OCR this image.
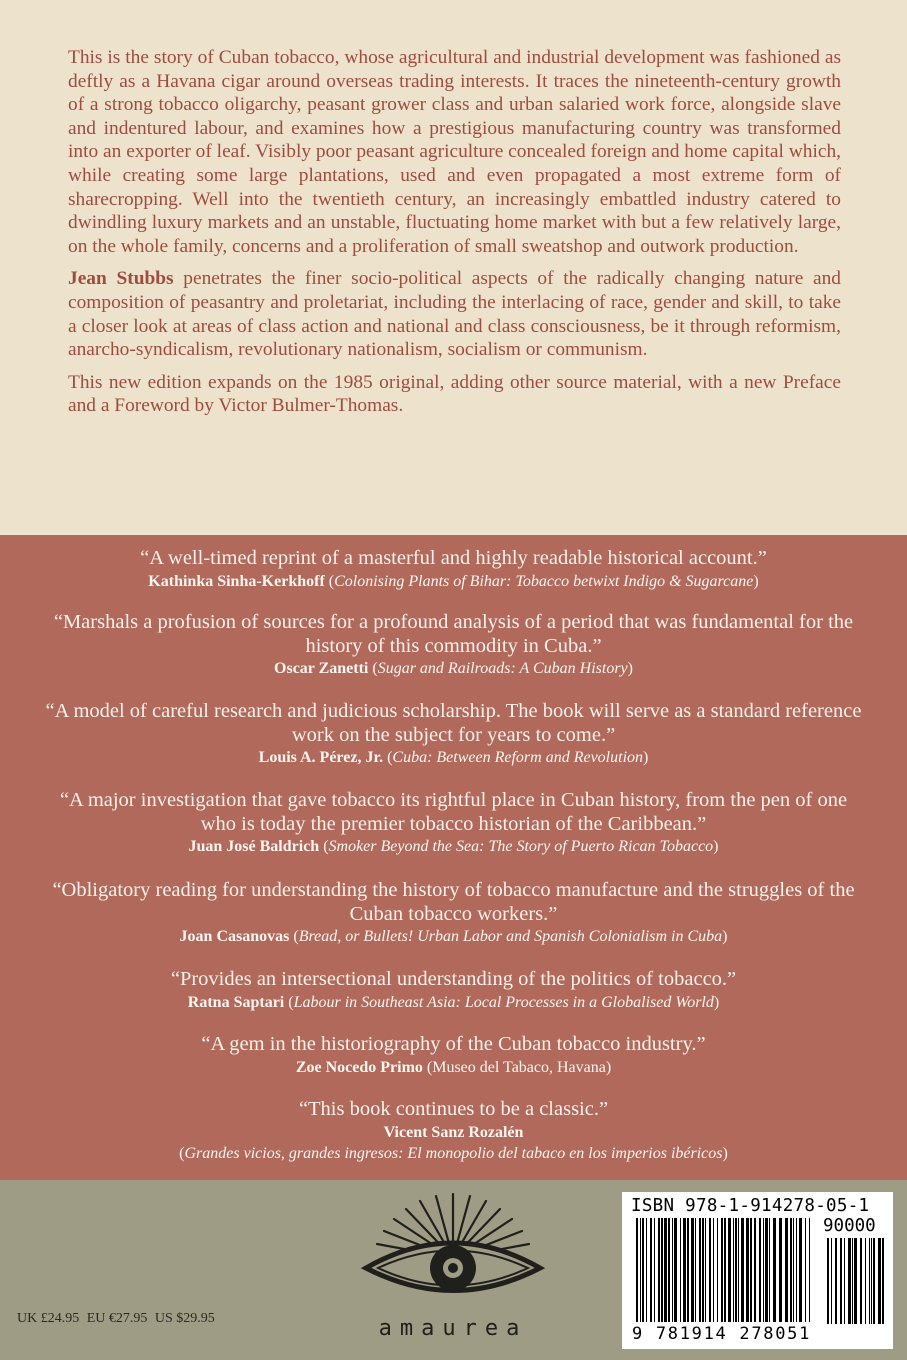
This is the story of Cuban tobacco, whose agricultural and industrial development was fashioned as deftly as a Havana cigar around overseas trading interests. It traces the nineteenth-century growth of a strong tobacco oligarchy, peasant grower class and urban salaried work force, alongside slave and indentured labour, and examines how a prestigious manufacturing country was transformed into an exporter of leaf. Visibly poor peasant agriculture concealed foreign and home capital which, while creating some large plantations, used and even propagated a most extreme form of sharecropping. Well into the twentieth century, an increasingly embattled industry catered to dwindling luxury markets and an unstable, fluctuating home market with but a few relatively large, on the whole family, concerns and a proliferation of small sweatshop and outwork production.

Jean Stubbs penetrates the finer socio-political aspects of the radically changing nature and composition of peasantry and proletariat, including the interlacing of race, gender and skill, to take a closer look at areas of class action and national and class consciousness, be it through reformism, anarcho-syndicalism, revolutionary nationalism, socialism or communism.

This new edition expands on the 1985 original, adding other source material, with a new Preface and a Foreword by Victor Bulmer-Thomas.

“A well-timed reprint of a masterful and highly readable historical account.”
Kathinka Sinha-Kerkhoff (Colonising Plants of Bihar: Tobacco betwixt Indigo & Sugarcane)
“Marshals a profusion of sources for a profound analysis of a period that was fundamental for the history of this commodity in Cuba.”
Oscar Zanetti (Sugar and Railroads: A Cuban History)
“A model of careful research and judicious scholarship. The book will serve as a standard reference work on the subject for years to come.”
Louis A. Pérez, Jr. (Cuba: Between Reform and Revolution)
“A major investigation that gave tobacco its rightful place in Cuban history, from the pen of one who is today the premier tobacco historian of the Caribbean.”
Juan José Baldrich (Smoker Beyond the Sea: The Story of Puerto Rican Tobacco)
“Obligatory reading for understanding the history of tobacco manufacture and the struggles of the Cuban tobacco workers.”
Joan Casanovas (Bread, or Bullets! Urban Labor and Spanish Colonialism in Cuba)
“Provides an intersectional understanding of the politics of tobacco.”
Ratna Saptari (Labour in Southeast Asia: Local Processes in a Globalised World)
“A gem in the historiography of the Cuban tobacco industry.”
Zoe Nocedo Primo (Museo del Tabaco, Havana)
“This book continues to be a classic.”
Vicent Sanz Rozalén
(Grandes vicios, grandes ingresos: El monopolio del tabaco en los imperios ibéricos)
UK £24.95 EU €27.95 US $29.95	amaurea
ISBN 978-1-914278-05-1
90000
9 781914 278051
